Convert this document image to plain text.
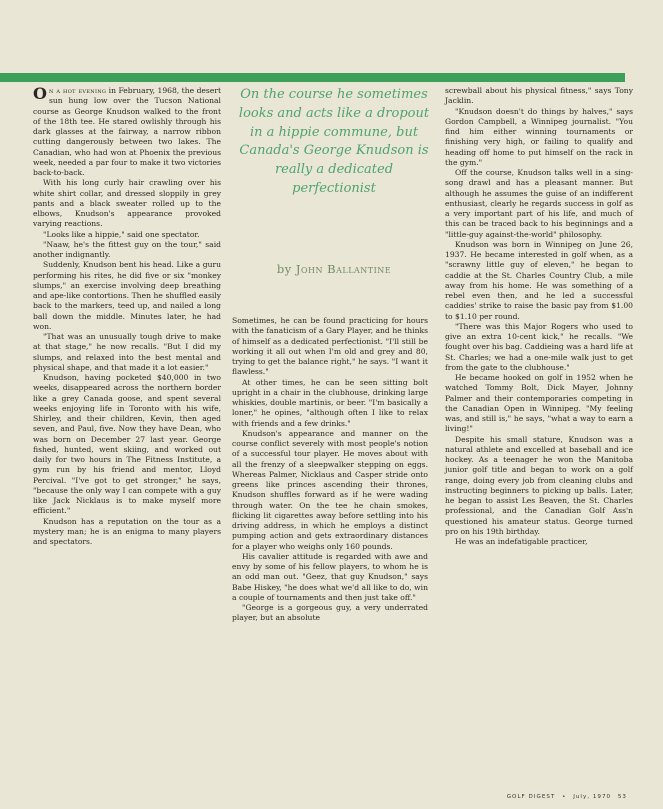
On the course he sometimes looks and acts like a dropout in a hippie commune, but Canada's George Knudson is really a dedicated perfectionist
by John Ballantine

On a hot evening in February, 1968, the desert sun hung low over the Tucson National course as George Knudson walked to the front of the 18th tee. He stared owlishly through his dark glasses at the fairway, a narrow ribbon cutting dangerously between two lakes. The Canadian, who had won at Phoenix the previous week, needed a par four to make it two victories back-to-back.

With his long curly hair crawling over his white shirt collar, and dressed sloppily in grey pants and a black sweater rolled up to the elbows, Knudson's appearance provoked varying reactions.

"Looks like a hippie," said one spectator.

"Naaw, he's the fittest guy on the tour," said another indignantly.

Suddenly, Knudson bent his head. Like a guru performing his rites, he did five or six "monkey slumps," an exercise involving deep breathing and ape-like contortions. Then he shuffled easily back to the markers, teed up, and nailed a long ball down the middle. Minutes later, he had won.

"That was an unusually tough drive to make at that stage," he now recalls. "But I did my slumps, and relaxed into the best mental and physical shape, and that made it a lot easier."

Knudson, having pocketed $40,000 in two weeks, disappeared across the northern border like a grey Canada goose, and spent several weeks enjoying life in Toronto with his wife, Shirley, and their children, Kevin, then aged seven, and Paul, five. Now they have Dean, who was born on December 27 last year. George fished, hunted, went skiing, and worked out daily for two hours in The Fitness Institute, a gym run by his friend and mentor, Lloyd Percival. "I've got to get stronger," he says, "because the only way I can compete with a guy like Jack Nicklaus is to make myself more efficient."

Knudson has a reputation on the tour as a mystery man; he is an enigma to many players and spectators.

Sometimes, he can be found practicing for hours with the fanaticism of a Gary Player, and he thinks of himself as a dedicated perfectionist. "I'll still be working it all out when I'm old and grey and 80, trying to get the balance right," he says. "I want it flawless."

At other times, he can be seen sitting bolt upright in a chair in the clubhouse, drinking large whiskies, double martinis, or beer. "I'm basically a loner," he opines, "although often I like to relax with friends and a few drinks."

Knudson's appearance and manner on the course conflict severely with most people's notion of a successful tour player. He moves about with all the frenzy of a sleepwalker stepping on eggs. Whereas Palmer, Nicklaus and Casper stride onto greens like princes ascending their thrones, Knudson shuffles forward as if he were wading through water. On the tee he chain smokes, flicking lit cigarettes away before settling into his driving address, in which he employs a distinct pumping action and gets extraordinary distances for a player who weighs only 160 pounds.

His cavalier attitude is regarded with awe and envy by some of his fellow players, to whom he is an odd man out. "Geez, that guy Knudson," says Babe Hiskey, "he does what we'd all like to do, win a couple of tournaments and then just take off."

"George is a gorgeous guy, a very underrated player, but an absolute

screwball about his physical fitness," says Tony Jacklin.

"Knudson doesn't do things by halves," says Gordon Campbell, a Winnipeg journalist. "You find him either winning tournaments or finishing very high, or failing to qualify and heading off home to put himself on the rack in the gym."

Off the course, Knudson talks well in a sing-song drawl and has a pleasant manner. But although he assumes the guise of an indifferent enthusiast, clearly he regards success in golf as a very important part of his life, and much of this can be traced back to his beginnings and a "little-guy against-the-world" philosophy.

Knudson was born in Winnipeg on June 26, 1937. He became interested in golf when, as a "scrawny little guy of eleven," he began to caddie at the St. Charles Country Club, a mile away from his home. He was something of a rebel even then, and he led a successful caddies' strike to raise the basic pay from $1.00 to $1.10 per round.

"There was this Major Rogers who used to give an extra 10-cent kick," he recalls. "We fought over his bag. Caddieing was a hard life at St. Charles; we had a one-mile walk just to get from the gate to the clubhouse."

He became hooked on golf in 1952 when he watched Tommy Bolt, Dick Mayer, Johnny Palmer and their contemporaries competing in the Canadian Open in Winnipeg. "My feeling was, and still is," he says, "what a way to earn a living!"

Despite his small stature, Knudson was a natural athlete and excelled at baseball and ice hockey. As a teenager he won the Manitoba junior golf title and began to work on a golf range, doing every job from cleaning clubs and instructing beginners to picking up balls. Later, he began to assist Les Beaven, the St. Charles professional, and the Canadian Golf Ass'n questioned his amateur status. George turned pro on his 19th birthday.

He was an indefatigable practicer,

GOLF DIGEST • July, 1970 53
